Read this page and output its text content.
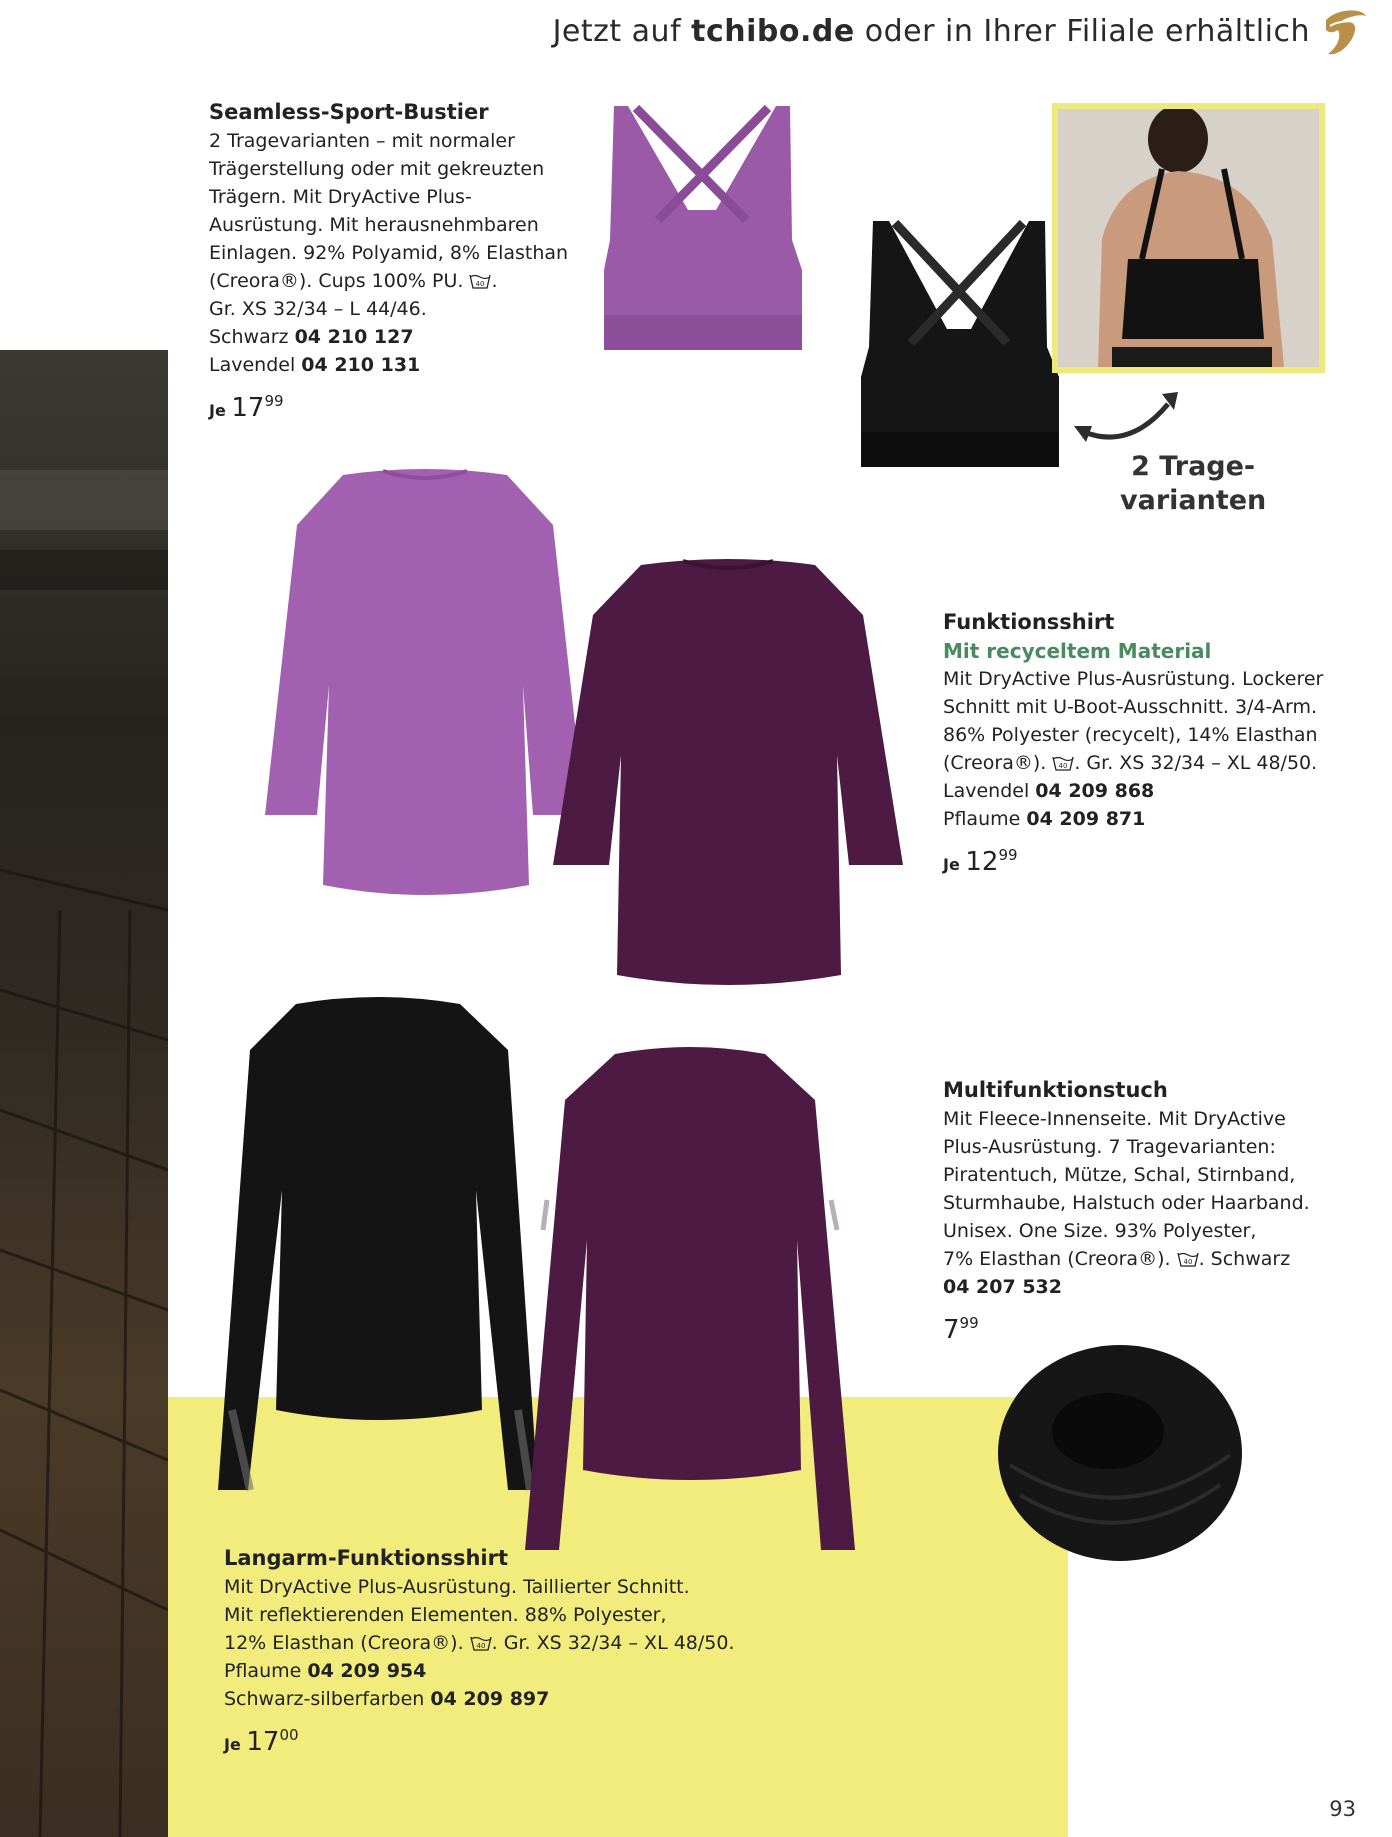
Jetzt auf tchibo.de oder in Ihrer Filiale erhältlich
Seamless-Sport-Bustier
2 Tragevarianten – mit normaler
Trägerstellung oder mit gekreuzten
Trägern. Mit DryActive Plus-
Ausrüstung. Mit herausnehmbaren
Einlagen. 92% Polyamid, 8% Elasthan
(Creora®). Cups 100% PU. 40 .
Gr. XS 32/34 – L 44/46.
Schwarz 04 210 127
Lavendel 04 210 131
Je $17^{99}$
2 Trage-
varianten
Funktionsshirt
Mit recyceltem Material
Mit DryActive Plus-Ausrüstung. Lockerer
Schnitt mit U-Boot-Ausschnitt. 3/4-Arm.
86% Polyester (recycelt), 14% Elasthan
(Creora®). 40 . Gr. XS 32/34 – XL 48/50.
Lavendel 04 209 868
Pflaume 04 209 871
Je $12^{99}$
Multifunktionstuch
Mit Fleece-Innenseite. Mit DryActive
Plus-Ausrüstung. 7 Tragevarianten:
Piratentuch, Mütze, Schal, Stirnband,
Sturmhaube, Halstuch oder Haarband.
Unisex. One Size. 93% Polyester,
7% Elasthan (Creora®). 40 . Schwarz
04 207 532
$7^{99}$
Langarm-Funktionsshirt
Mit DryActive Plus-Ausrüstung. Taillierter Schnitt.
Mit reflektierenden Elementen. 88% Polyester,
12% Elasthan (Creora®). 40 . Gr. XS 32/34 – XL 48/50.
Pflaume 04 209 954
Schwarz-silberfarben 04 209 897
Je $17^{00}$
93
